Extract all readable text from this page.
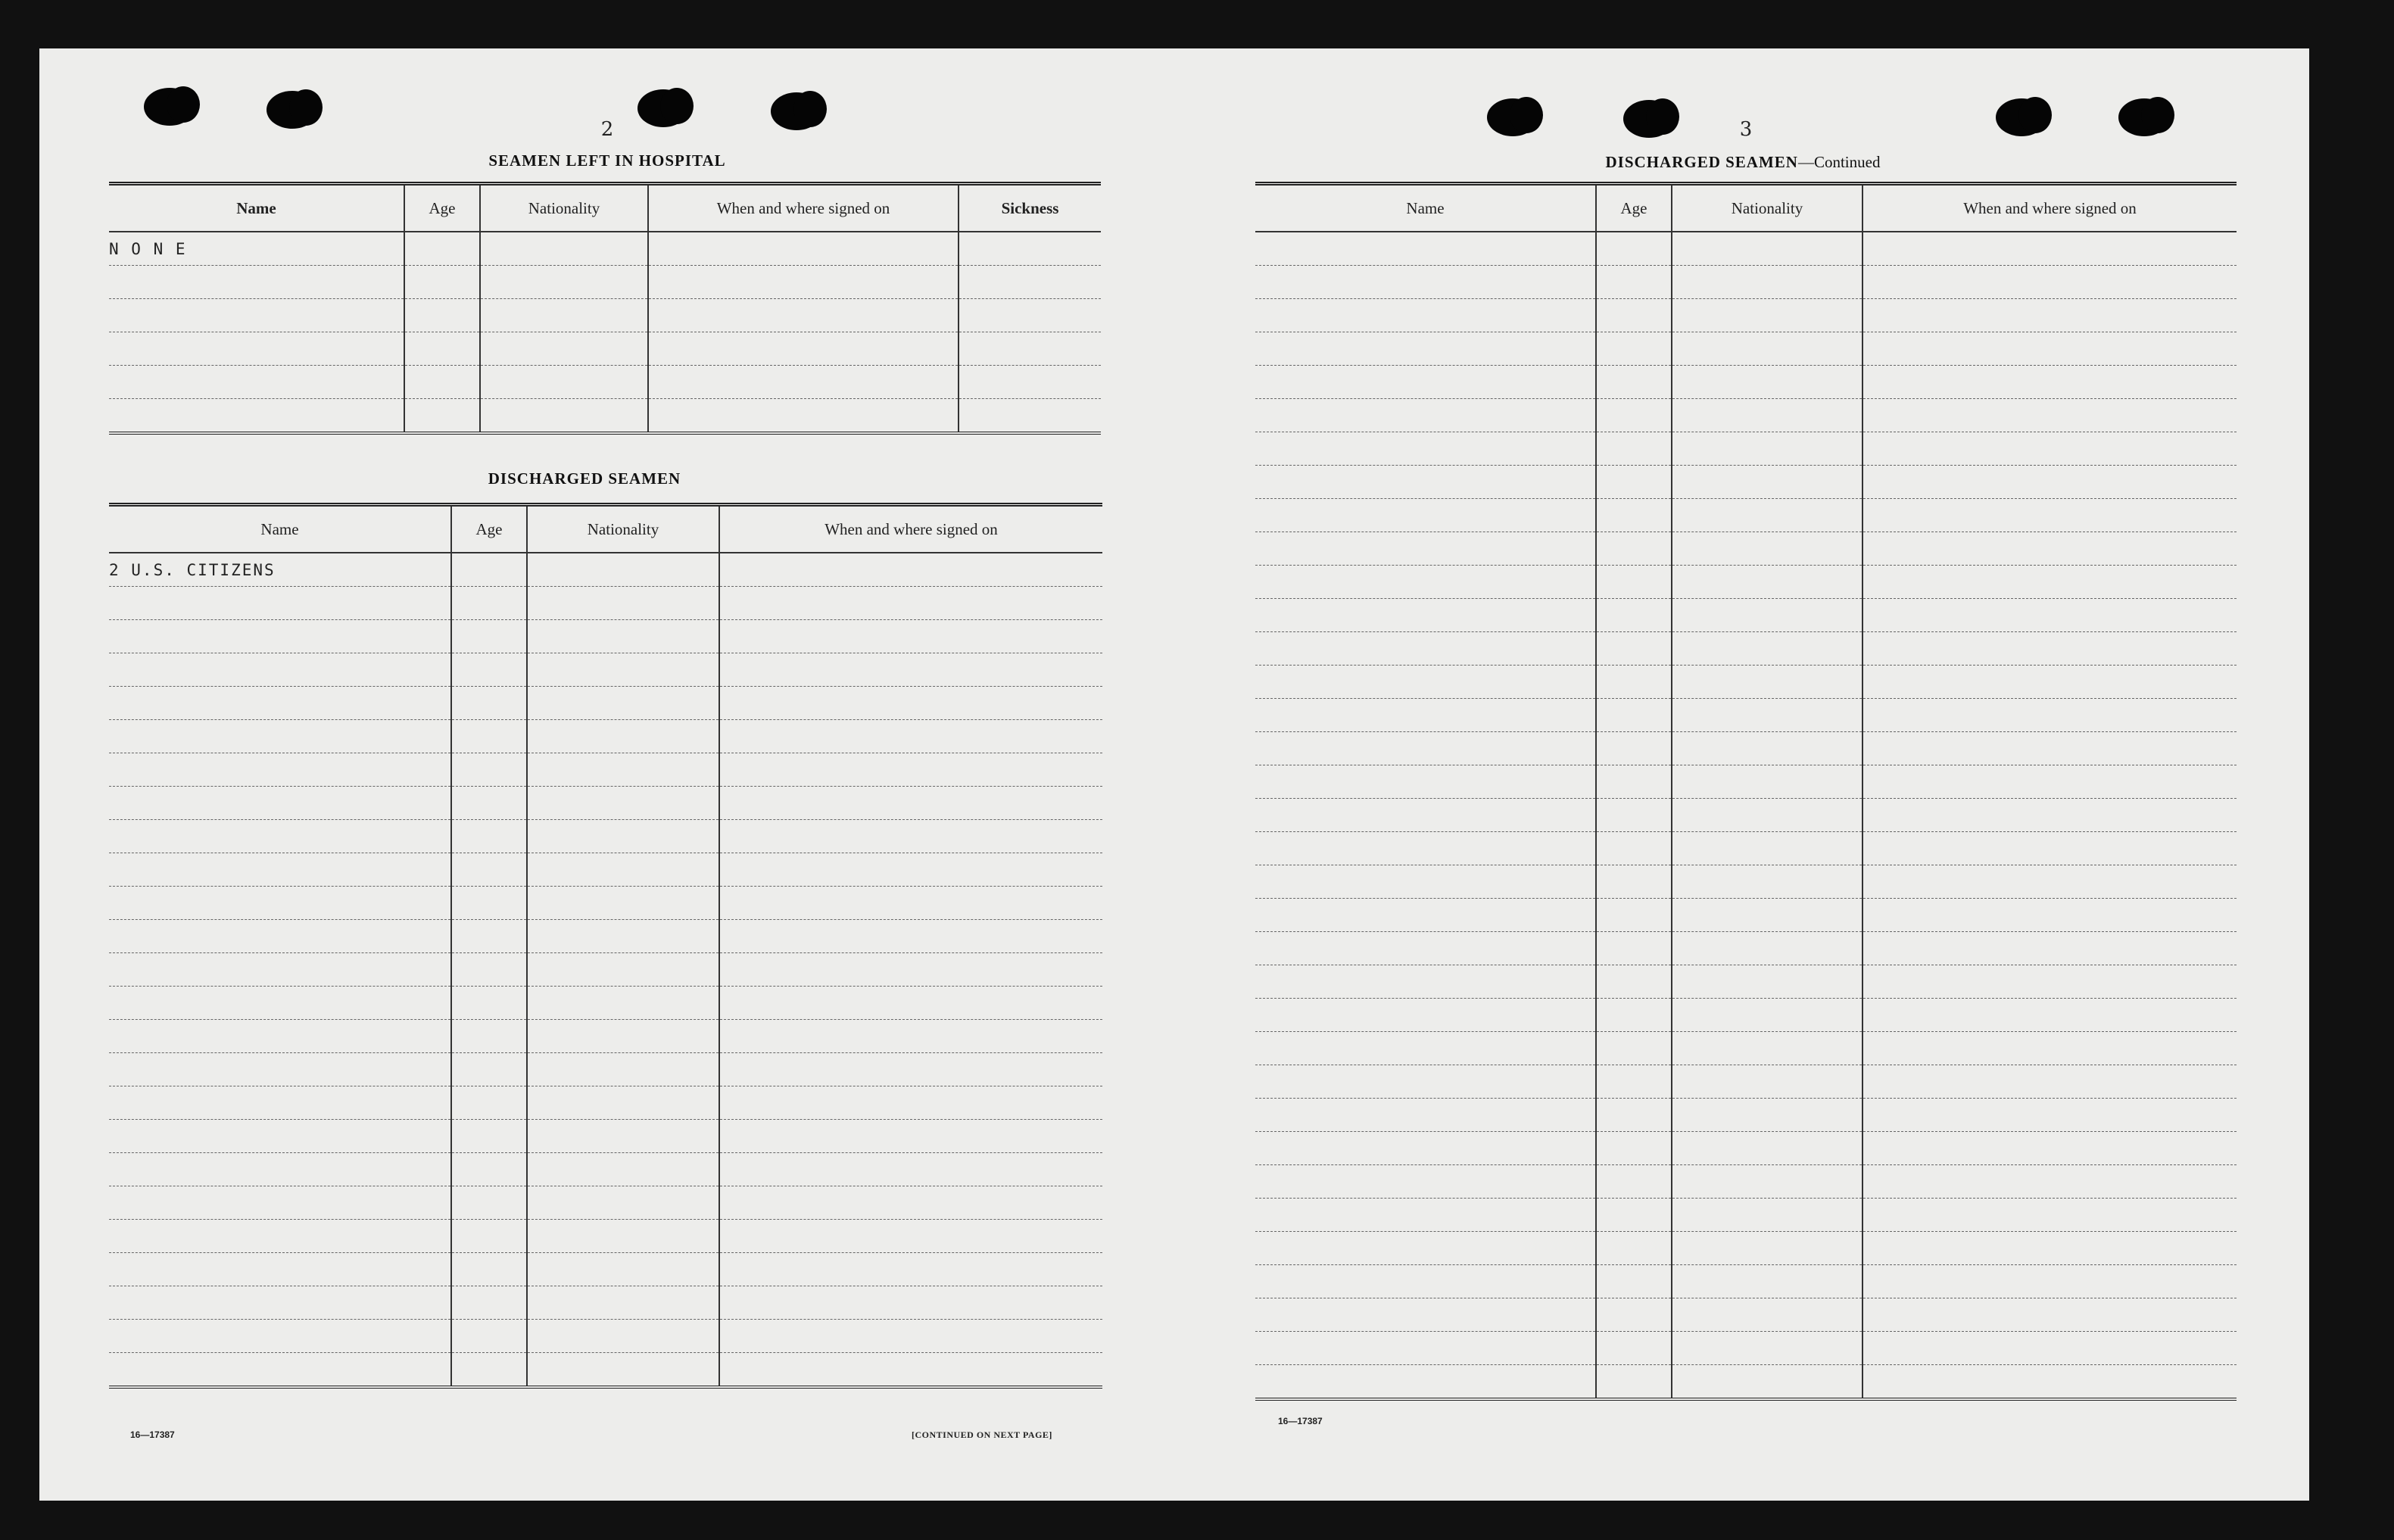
2
SEAMEN LEFT IN HOSPITAL
Name	Age	Nationality	When and where signed on	Sickness
N O N E				

DISCHARGED SEAMEN
Name	Age	Nationality	When and where signed on
2 U.S. CITIZENS			

16—17387	[CONTINUED ON NEXT PAGE]
3
DISCHARGED SEAMEN—Continued
Name	Age	Nationality	When and where signed on

16—17387
